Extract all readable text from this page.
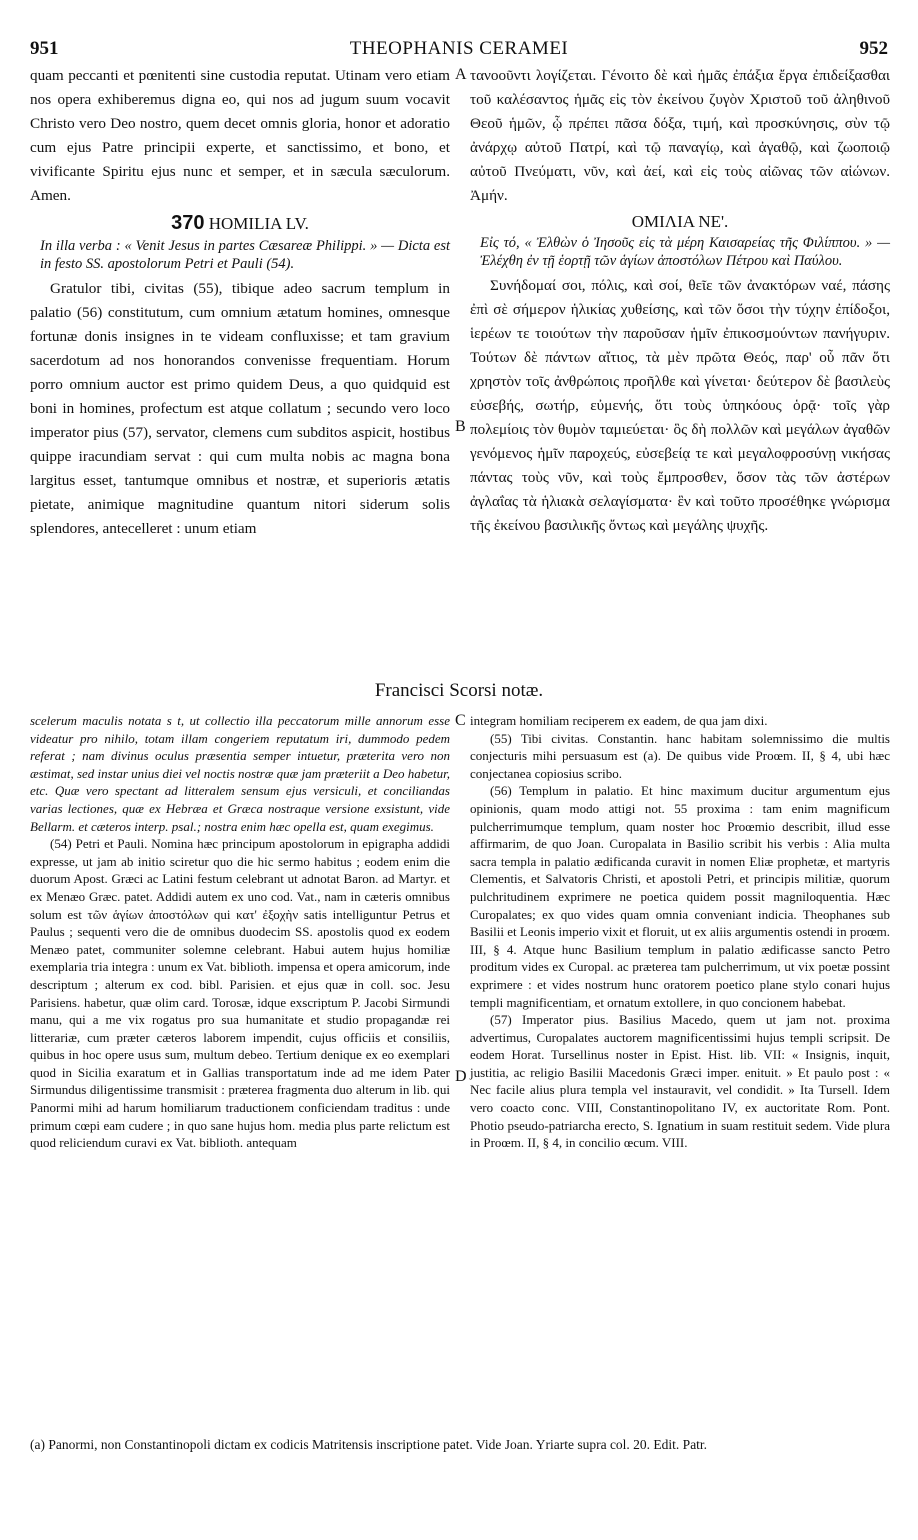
951	THEOPHANIS CERAMEI	952

quam peccanti et pœnitenti sine custodia reputat. Utinam vero etiam nos opera exhiberemus digna eo, qui nos ad jugum suum vocavit Christo vero Deo nostro, quem decet omnis gloria, honor et adoratio cum ejus Patre principii experte, et sanctissimo, et bono, et vivificante Spiritu ejus nunc et semper, et in sæcula sæculorum. Amen.

370 HOMILIA LV.

In illa verba : « Venit Jesus in partes Cæsareæ Philippi. » — Dicta est in festo SS. apostolorum Petri et Pauli (54).

Gratulor tibi, civitas (55), tibique adeo sacrum templum in palatio (56) constitutum, cum omnium ætatum homines, omnesque fortunæ donis insignes in te videam confluxisse; et tam gravium sacerdotum ad nos honorandos convenisse frequentiam. Horum porro omnium auctor est primo quidem Deus, a quo quidquid est boni in homines, profectum est atque collatum ; secundo vero loco imperator pius (57), servator, clemens cum subditos aspicit, hostibus quippe iracundiam servat : qui cum multa nobis ac magna bona largitus esset, tantumque omnibus et nostræ, et superioris ætatis pietate, animique magnitudine quantum nitori siderum solis splendores, antecelleret : unum etiam

τανοοῦντι λογίζεται. Γένοιτο δὲ καὶ ἡμᾶς ἐπάξια ἔργα ἐπιδείξασθαι τοῦ καλέσαντος ἡμᾶς εἰς τὸν ἐκείνου ζυγὸν Χριστοῦ τοῦ ἀληθινοῦ Θεοῦ ἡμῶν, ᾧ πρέπει πᾶσα δόξα, τιμή, καὶ προσκύνησις, σὺν τῷ ἀνάρχῳ αὐτοῦ Πατρί, καὶ τῷ παναγίῳ, καὶ ἀγαθῷ, καὶ ζωοποιῷ αὐτοῦ Πνεύματι, νῦν, καὶ ἀεί, καὶ εἰς τοὺς αἰῶνας τῶν αἰώνων. Ἀμήν.

ΟΜΙΛΙΑ ΝΕ'.

Εἰς τό, « Ἐλθὼν ὁ Ἰησοῦς εἰς τὰ μέρη Καισαρείας τῆς Φιλίππου. » — Ἐλέχθη ἐν τῇ ἑορτῇ τῶν ἁγίων ἀποστόλων Πέτρου καὶ Παύλου.

Συνήδομαί σοι, πόλις, καὶ σοί, θεῖε τῶν ἀνακτόρων ναέ, πάσης ἐπὶ σὲ σήμερον ἡλικίας χυθείσης, καὶ τῶν ὅσοι τὴν τύχην ἐπίδοξοι, ἱερέων τε τοιούτων τὴν παροῦσαν ἡμῖν ἐπικοσμούντων πανήγυριν. Τούτων δὲ πάντων αἴτιος, τὰ μὲν πρῶτα Θεός, παρ' οὗ πᾶν ὅτι χρηστὸν τοῖς ἀνθρώποις προῆλθε καὶ γίνεται· δεύτερον δὲ βασιλεὺς εὐσεβής, σωτήρ, εὐμενής, ὅτι τοὺς ὑπηκόους ὁρᾷ· τοῖς γὰρ πολεμίοις τὸν θυμὸν ταμιεύεται· ὃς δὴ πολλῶν καὶ μεγάλων ἀγαθῶν γενόμενος ἡμῖν παροχεύς, εὐσεβείᾳ τε καὶ μεγαλοφροσύνῃ νικήσας πάντας τοὺς νῦν, καὶ τοὺς ἔμπροσθεν, ὅσον τὰς τῶν ἀστέρων ἀγλαΐας τὰ ἡλιακὰ σελαγίσματα· ἓν καὶ τοῦτο προσέθηκε γνώρισμα τῆς ἐκείνου βασιλικῆς ὄντως καὶ μεγάλης ψυχῆς.

A
B
Francisci Scorsi notæ.

scelerum maculis notata s t, ut collectio illa peccatorum mille annorum esse videatur pro nihilo, totam illam congeriem reputatum iri, dummodo pedem referat ; nam divinus oculus præsentia semper intuetur, præterita vero non æstimat, sed instar unius diei vel noctis nostræ quæ jam præteriit a Deo habetur, etc. Quæ vero spectant ad litteralem sensum ejus versiculi, et conciliandas varias lectiones, quæ ex Hebræa et Græca nostraque versione exsistunt, vide Bellarm. et cæteros interp. psal.; nostra enim hæc opella est, quam exegimus.

(54) Petri et Pauli. Nomina hæc principum apostolorum in epigrapha addidi expresse, ut jam ab initio sciretur quo die hic sermo habitus ; eodem enim die duorum Apost. Græci ac Latini festum celebrant ut adnotat Baron. ad Martyr. et ex Menæo Græc. patet. Addidi autem ex uno cod. Vat., nam in cæteris omnibus solum est τῶν ἁγίων ἀποστόλων qui κατ' ἐξοχὴν satis intelliguntur Petrus et Paulus ; sequenti vero die de omnibus duodecim SS. apostolis quod ex eodem Menæo patet, communiter solemne celebrant. Habui autem hujus homiliæ exemplaria tria integra : unum ex Vat. biblioth. impensa et opera amicorum, inde descriptum ; alterum ex cod. bibl. Parisien. et ejus quæ in coll. soc. Jesu Parisiens. habetur, quæ olim card. Torosæ, idque exscriptum P. Jacobi Sirmundi manu, qui a me vix rogatus pro sua humanitate et studio propagandæ rei litterariæ, cum præter cæteros laborem impendit, cujus officiis et consiliis, quibus in hoc opere usus sum, multum debeo. Tertium denique ex eo exemplari quod in Sicilia exaratum et in Gallias transportatum inde ad me idem Pater Sirmundus diligentissime transmisit : præterea fragmenta duo alterum in lib. qui Panormi mihi ad harum homiliarum traductionem conficiendam traditus : unde primum cœpi eam cudere ; in quo sane hujus hom. media plus parte relictum est quod reliciendum curavi ex Vat. biblioth. antequam

integram homiliam reciperem ex eadem, de qua jam dixi.

(55) Tibi civitas. Constantin. hanc habitam solemnissimo die multis conjecturis mihi persuasum est (a). De quibus vide Proœm. II, § 4, ubi hæc conjectanea copiosius scribo.

(56) Templum in palatio. Et hinc maximum ducitur argumentum ejus opinionis, quam modo attigi not. 55 proxima : tam enim magnificum pulcherrimumque templum, quam noster hoc Proœmio describit, illud esse affirmarim, de quo Joan. Curopalata in Basilio scribit his verbis : Alia multa sacra templa in palatio ædificanda curavit in nomen Eliæ prophetæ, et martyris Clementis, et Salvatoris Christi, et apostoli Petri, et principis militiæ, quorum pulchritudinem exprimere ne poetica quidem possit magniloquentia. Hæc Curopalates; ex quo vides quam omnia conveniant indicia. Theophanes sub Basilii et Leonis imperio vixit et floruit, ut ex aliis argumentis ostendi in proœm. III, § 4. Atque hunc Basilium templum in palatio ædificasse sancto Petro proditum vides ex Curopal. ac præterea tam pulcherrimum, ut vix poetæ possint exprimere : et vides nostrum hunc oratorem poetico plane stylo conari hujus templi magnificentiam, et ornatum extollere, in quo concionem habebat.

(57) Imperator pius. Basilius Macedo, quem ut jam not. proxima advertimus, Curopalates auctorem magnificentissimi hujus templi scripsit. De eodem Horat. Tursellinus noster in Epist. Hist. lib. VII: « Insignis, inquit, justitia, ac religio Basilii Macedonis Græci imper. enituit. » Et paulo post : « Nec facile alius plura templa vel instauravit, vel condidit. » Ita Tursell. Idem vero coacto conc. VIII, Constantinopolitano IV, ex auctoritate Rom. Pont. Photio pseudo-patriarcha erecto, S. Ignatium in suam restituit sedem. Vide plura in Proœm. II, § 4, in concilio œcum. VIII.

C
D
(a) Panormi, non Constantinopoli dictam ex codicis Matritensis inscriptione patet. Vide Joan. Yriarte supra col. 20. Edit. Patr.
